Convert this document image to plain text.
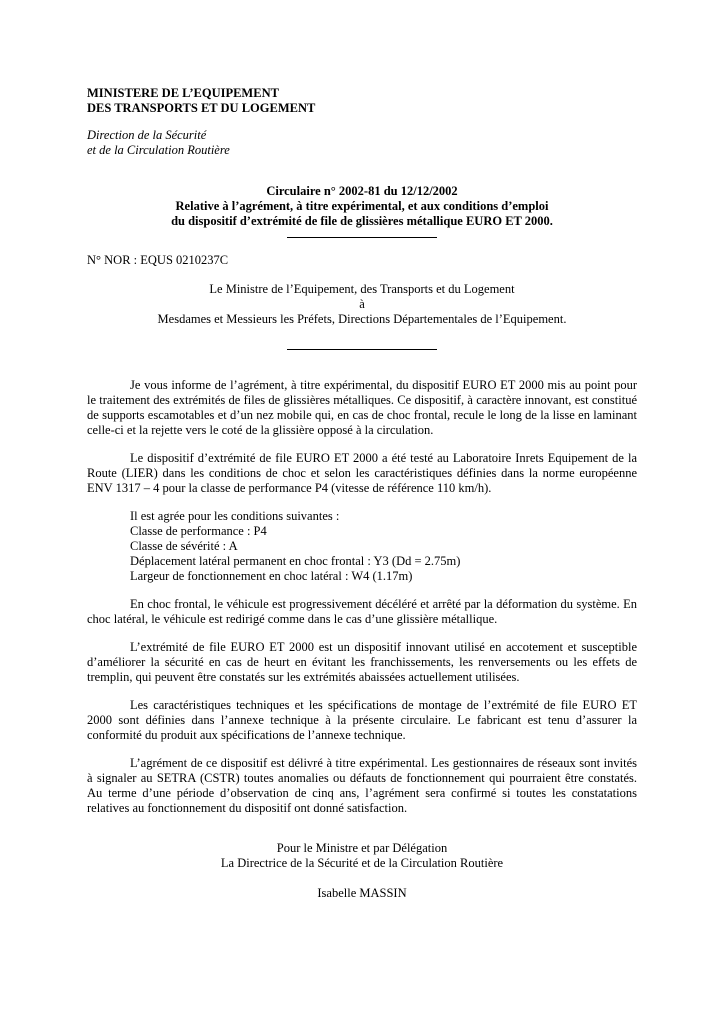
MINISTERE DE L’EQUIPEMENT
DES TRANSPORTS ET DU LOGEMENT
Direction de la Sécurité
et de la Circulation Routière
Circulaire n° 2002-81 du 12/12/2002
Relative à l’agrément, à titre expérimental, et aux conditions d’emploi
du dispositif d’extrémité de file de glissières métallique EURO ET 2000.
N° NOR : EQUS 0210237C
Le Ministre de l’Equipement, des Transports et du Logement
à
Mesdames et Messieurs les Préfets, Directions Départementales de l’Equipement.

Je vous informe de l’agrément, à titre expérimental, du dispositif EURO ET 2000 mis au point pour le traitement des extrémités de files de glissières métalliques. Ce dispositif, à caractère innovant, est constitué de supports escamotables et d’un nez mobile qui, en cas de choc frontal, recule le long de la lisse en laminant celle-ci et la rejette vers le coté de la glissière opposé à la circulation.

Le dispositif d’extrémité de file EURO ET 2000 a été testé au Laboratoire Inrets Equipement de la Route (LIER) dans les conditions de choc et selon les caractéristiques définies dans la norme européenne ENV 1317 – 4 pour la classe de performance P4 (vitesse de référence 110 km/h).

Il est agrée pour les conditions suivantes :
Classe de performance : P4
Classe de sévérité : A
Déplacement latéral permanent en choc frontal : Y3 (Dd = 2.75m)
Largeur de fonctionnement en choc latéral : W4 (1.17m)

En choc frontal, le véhicule est progressivement décéléré et arrêté par la déformation du système. En choc latéral, le véhicule est redirigé comme dans le cas d’une glissière métallique.

L’extrémité de file EURO ET 2000 est un dispositif innovant utilisé en accotement et susceptible d’améliorer la sécurité en cas de heurt en évitant les franchissements, les renversements ou les effets de tremplin, qui peuvent être constatés sur les extrémités abaissées actuellement utilisées.

Les caractéristiques techniques et les spécifications de montage de l’extrémité de file EURO ET 2000 sont définies dans l’annexe technique à la présente circulaire. Le fabricant est tenu d’assurer la conformité du produit aux spécifications de l’annexe technique.

L’agrément de ce dispositif est délivré à titre expérimental. Les gestionnaires de réseaux sont invités à signaler au SETRA (CSTR) toutes anomalies ou défauts de fonctionnement qui pourraient être constatés. Au terme d’une période d’observation de cinq ans, l’agrément sera confirmé si toutes les constatations relatives au fonctionnement du dispositif ont donné satisfaction.

Pour le Ministre et par Délégation
La Directrice de la Sécurité et de la Circulation Routière
Isabelle MASSIN
